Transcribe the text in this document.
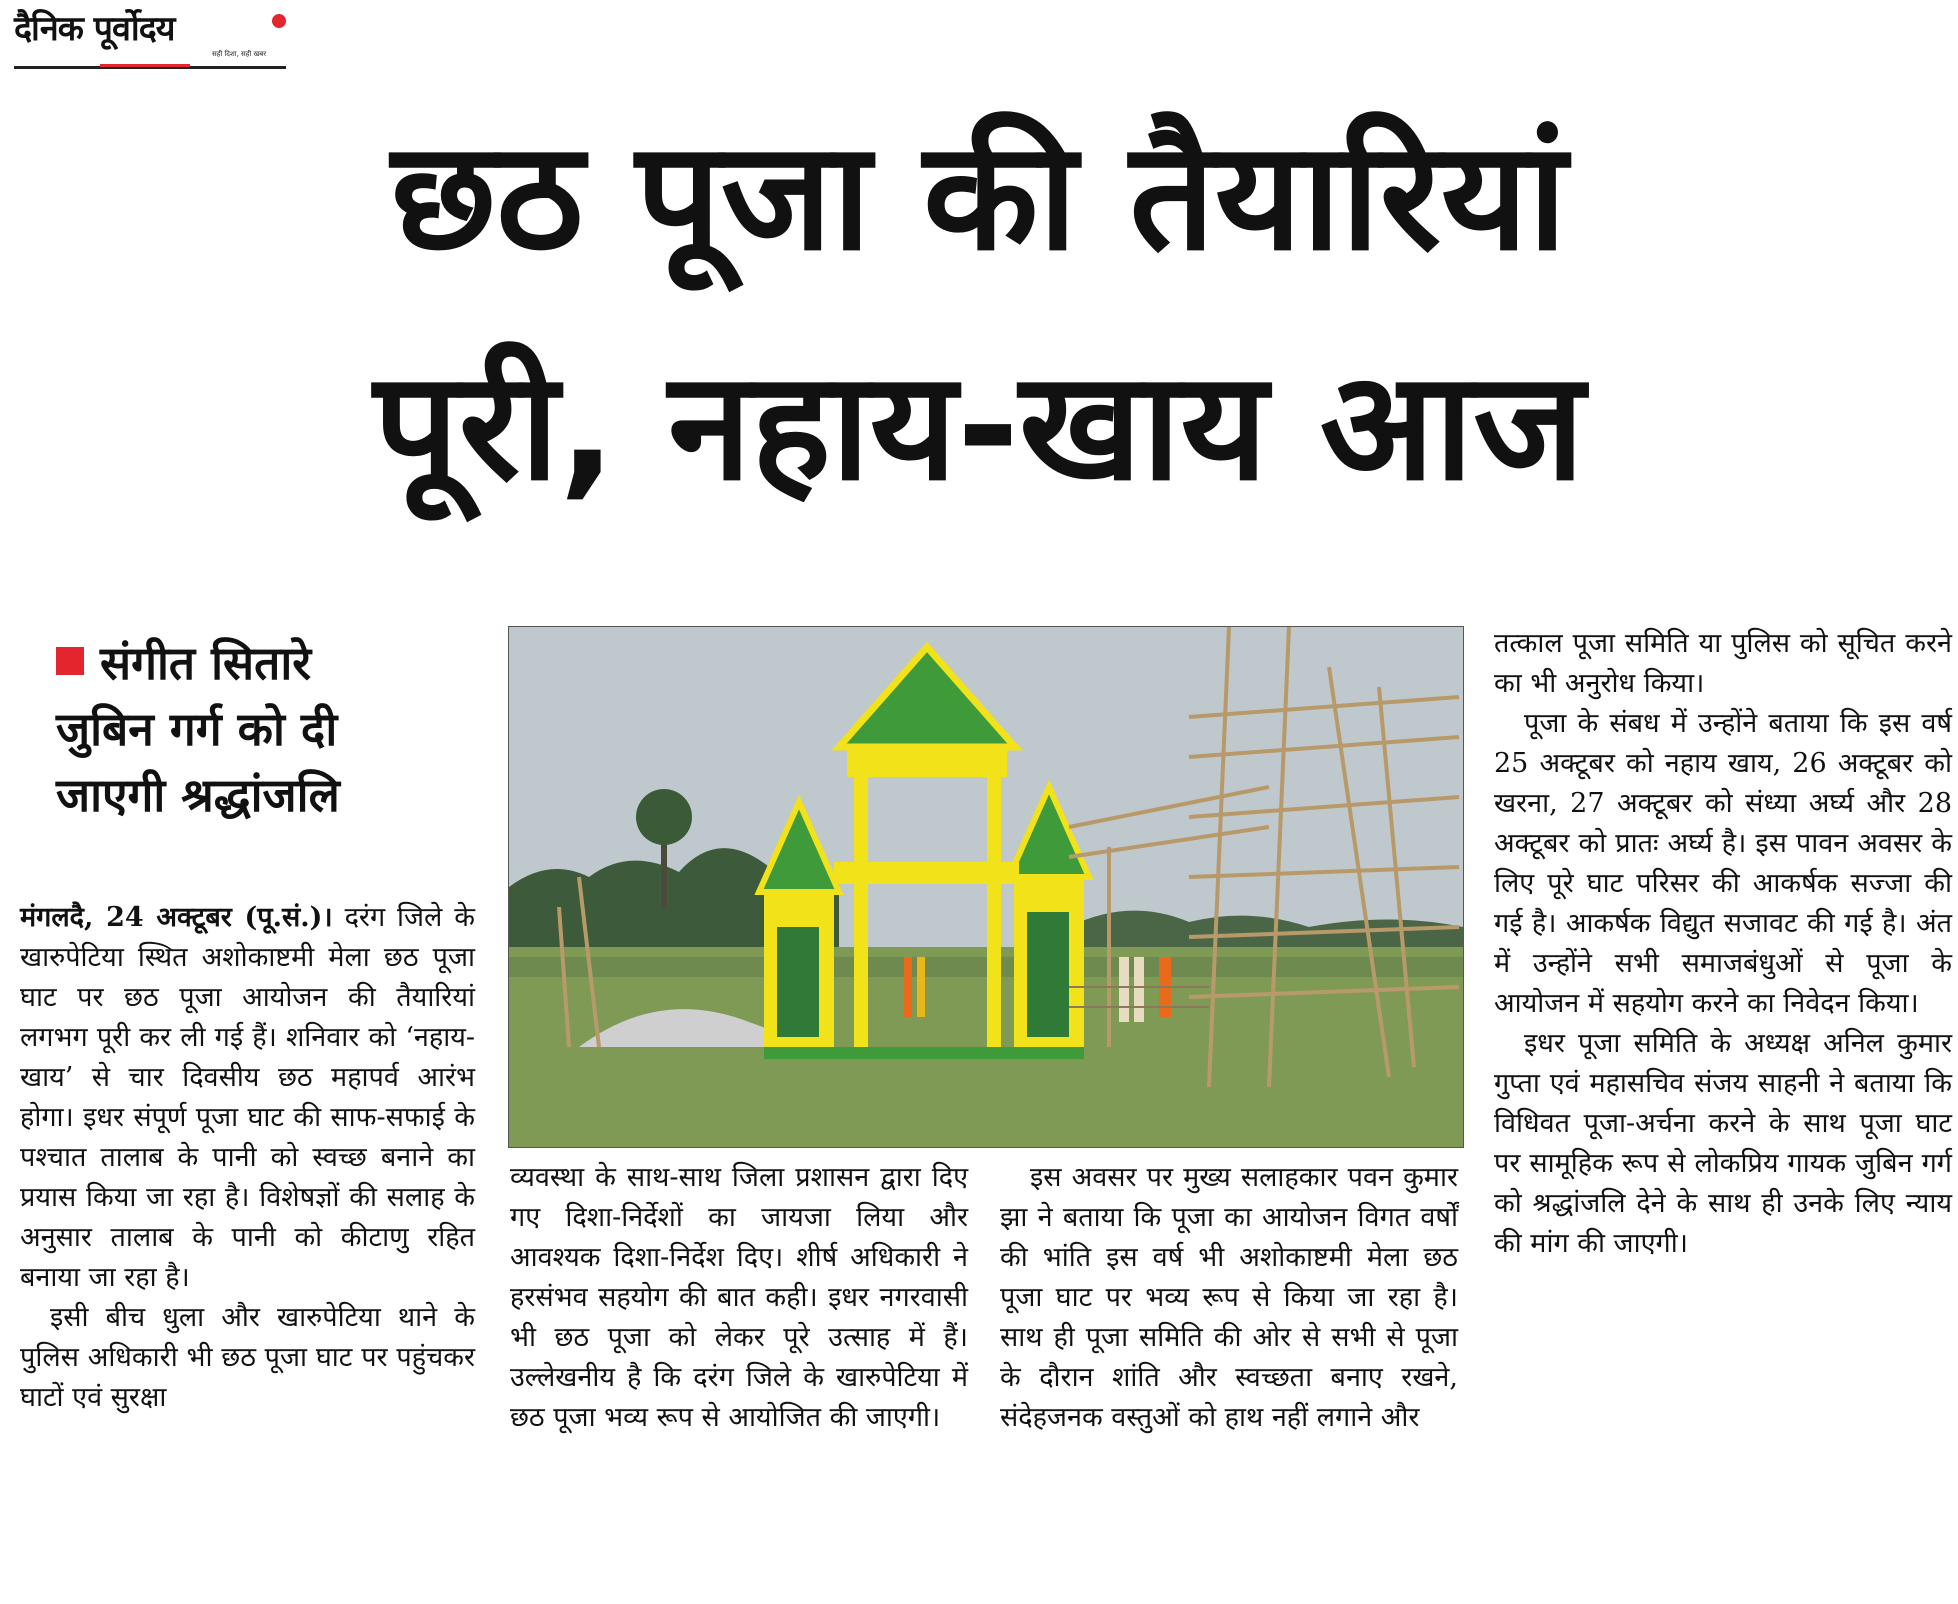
दैनिक पूर्वोदय
सही दिशा, सही खबर
छठ पूजा की तैयारियां
पूरी, नहाय-खाय आज
संगीत सितारे
जुबिन गर्ग को दी
जाएगी श्रद्धांजलि

मंगलदै, 24 अक्टूबर (पू.सं.)। दरंग जिले के खारुपेटिया स्थित अशोकाष्टमी मेला छठ पूजा घाट पर छठ पूजा आयोजन की तैयारियां लगभग पूरी कर ली गई हैं। शनिवार को ‘नहाय-खाय’ से चार दिवसीय छठ महापर्व आरंभ होगा। इधर संपूर्ण पूजा घाट की साफ-सफाई के पश्चात तालाब के पानी को स्वच्छ बनाने का प्रयास किया जा रहा है। विशेषज्ञों की सलाह के अनुसार तालाब के पानी को कीटाणु रहित बनाया जा रहा है।

इसी बीच धुला और खारुपेटिया थाने के पुलिस अधिकारी भी छठ पूजा घाट पर पहुंचकर घाटों एवं सुरक्षा

व्यवस्था के साथ-साथ जिला प्रशासन द्वारा दिए गए दिशा-निर्देशों का जायजा लिया और आवश्यक दिशा-निर्देश दिए। शीर्ष अधिकारी ने हरसंभव सहयोग की बात कही। इधर नगरवासी भी छठ पूजा को लेकर पूरे उत्साह में हैं। उल्लेखनीय है कि दरंग जिले के खारुपेटिया में छठ पूजा भव्य रूप से आयोजित की जाएगी।

इस अवसर पर मुख्य सलाहकार पवन कुमार झा ने बताया कि पूजा का आयोजन विगत वर्षों की भांति इस वर्ष भी अशोकाष्टमी मेला छठ पूजा घाट पर भव्य रूप से किया जा रहा है। साथ ही पूजा समिति की ओर से सभी से पूजा के दौरान शांति और स्वच्छता बनाए रखने, संदेहजनक वस्तुओं को हाथ नहीं लगाने और

तत्काल पूजा समिति या पुलिस को सूचित करने का भी अनुरोध किया।

पूजा के संबध में उन्होंने बताया कि इस वर्ष 25 अक्टूबर को नहाय खाय, 26 अक्टूबर को खरना, 27 अक्टूबर को संध्या अर्घ्य और 28 अक्टूबर को प्रातः अर्घ्य है। इस पावन अवसर के लिए पूरे घाट परिसर की आकर्षक सज्जा की गई है। आकर्षक विद्युत सजावट की गई है। अंत में उन्होंने सभी समाजबंधुओं से पूजा के आयोजन में सहयोग करने का निवेदन किया।

इधर पूजा समिति के अध्यक्ष अनिल कुमार गुप्ता एवं महासचिव संजय साहनी ने बताया कि विधिवत पूजा-अर्चना करने के साथ पूजा घाट पर सामूहिक रूप से लोकप्रिय गायक जुबिन गर्ग को श्रद्धांजलि देने के साथ ही उनके लिए न्याय की मांग की जाएगी।
